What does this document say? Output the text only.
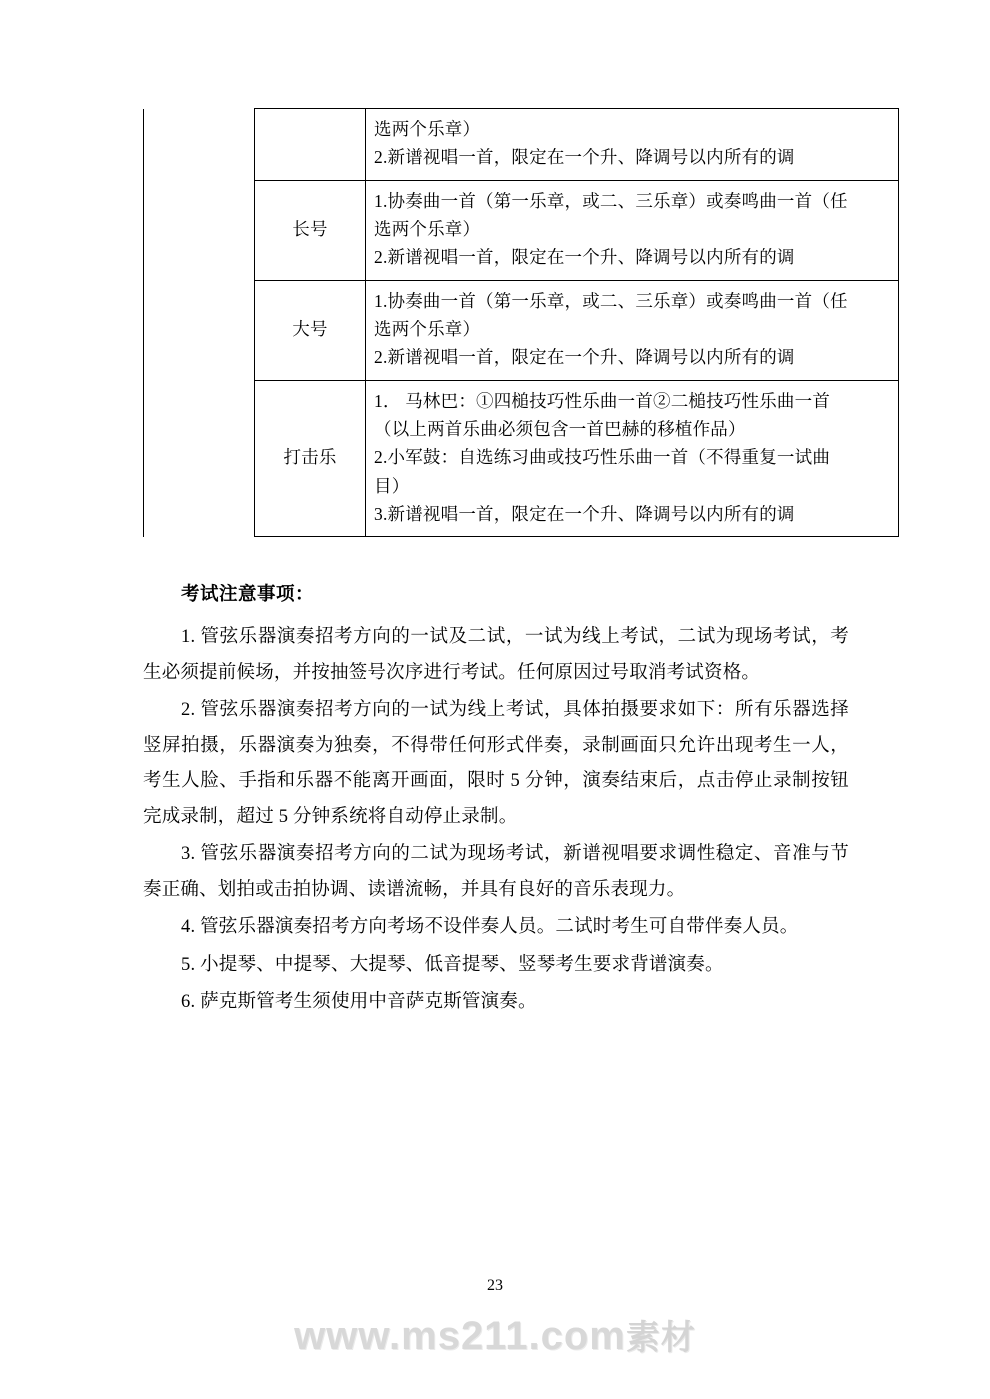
		选两个乐章）
2.新谱视唱一首，限定在一个升、降调号以内所有的调

	长号	1.协奏曲一首（第一乐章，或二、三乐章）或奏鸣曲一首（任
选两个乐章）
2.新谱视唱一首，限定在一个升、降调号以内所有的调

	大号	1.协奏曲一首（第一乐章，或二、三乐章）或奏鸣曲一首（任
选两个乐章）
2.新谱视唱一首，限定在一个升、降调号以内所有的调

	打击乐	1． 马林巴：①四槌技巧性乐曲一首②二槌技巧性乐曲一首
（以上两首乐曲必须包含一首巴赫的移植作品）
2.小军鼓：自选练习曲或技巧性乐曲一首（不得重复一试曲
目）
3.新谱视唱一首，限定在一个升、降调号以内所有的调
考试注意事项：

1. 管弦乐器演奏招考方向的一试及二试，一试为线上考试，二试为现场考试，考生必须提前候场，并按抽签号次序进行考试。任何原因过号取消考试资格。

2. 管弦乐器演奏招考方向的一试为线上考试，具体拍摄要求如下：所有乐器选择竖屏拍摄，乐器演奏为独奏，不得带任何形式伴奏，录制画面只允许出现考生一人，考生人脸、手指和乐器不能离开画面，限时 5 分钟，演奏结束后，点击停止录制按钮完成录制，超过 5 分钟系统将自动停止录制。

3. 管弦乐器演奏招考方向的二试为现场考试，新谱视唱要求调性稳定、音准与节奏正确、划拍或击拍协调、读谱流畅，并具有良好的音乐表现力。

4. 管弦乐器演奏招考方向考场不设伴奏人员。二试时考生可自带伴奏人员。

5. 小提琴、中提琴、大提琴、低音提琴、竖琴考生要求背谱演奏。

6. 萨克斯管考生须使用中音萨克斯管演奏。

23
www.ms211.com素材
